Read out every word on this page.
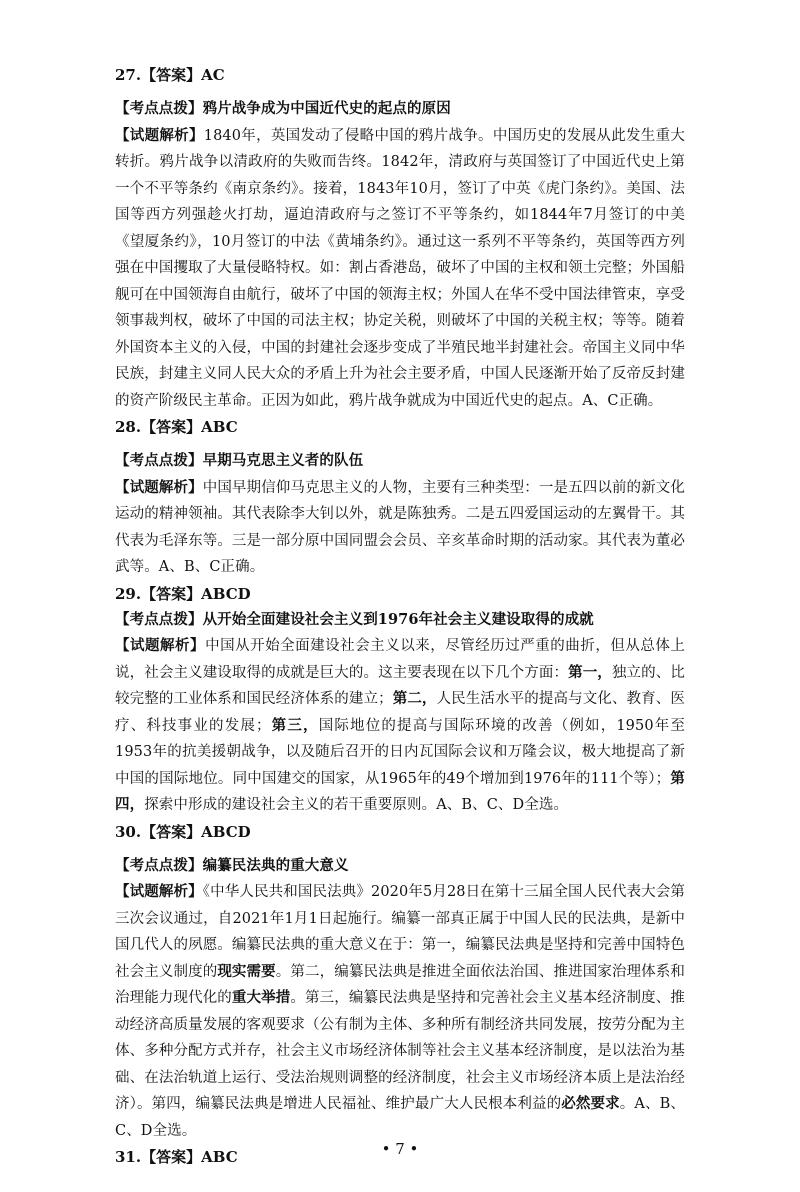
27.【答案】AC

【考点点拨】鸦片战争成为中国近代史的起点的原因

【试题解析】1840年，英国发动了侵略中国的鸦片战争。中国历史的发展从此发生重大转折。鸦片战争以清政府的失败而告终。1842年，清政府与英国签订了中国近代史上第一个不平等条约《南京条约》。接着，1843年10月，签订了中英《虎门条约》。美国、法国等西方列强趁火打劫，逼迫清政府与之签订不平等条约，如1844年7月签订的中美《望厦条约》，10月签订的中法《黄埔条约》。通过这一系列不平等条约，英国等西方列强在中国攫取了大量侵略特权。如：割占香港岛，破坏了中国的主权和领土完整；外国船舰可在中国领海自由航行，破坏了中国的领海主权；外国人在华不受中国法律管束，享受领事裁判权，破坏了中国的司法主权；协定关税，则破坏了中国的关税主权；等等。随着外国资本主义的入侵，中国的封建社会逐步变成了半殖民地半封建社会。帝国主义同中华民族，封建主义同人民大众的矛盾上升为社会主要矛盾，中国人民逐渐开始了反帝反封建的资产阶级民主革命。正因为如此，鸦片战争就成为中国近代史的起点。A、C正确。

28.【答案】ABC

【考点点拨】早期马克思主义者的队伍

【试题解析】中国早期信仰马克思主义的人物，主要有三种类型：一是五四以前的新文化运动的精神领袖。其代表除李大钊以外，就是陈独秀。二是五四爱国运动的左翼骨干。其代表为毛泽东等。三是一部分原中国同盟会会员、辛亥革命时期的活动家。其代表为董必武等。A、B、C正确。

29.【答案】ABCD

【考点点拨】从开始全面建设社会主义到1976年社会主义建设取得的成就

【试题解析】中国从开始全面建设社会主义以来，尽管经历过严重的曲折，但从总体上说，社会主义建设取得的成就是巨大的。这主要表现在以下几个方面：第一，独立的、比较完整的工业体系和国民经济体系的建立；第二，人民生活水平的提高与文化、教育、医疗、科技事业的发展；第三，国际地位的提高与国际环境的改善（例如，1950年至1953年的抗美援朝战争，以及随后召开的日内瓦国际会议和万隆会议，极大地提高了新中国的国际地位。同中国建交的国家，从1965年的49个增加到1976年的111个等）；第四，探索中形成的建设社会主义的若干重要原则。A、B、C、D全选。

30.【答案】ABCD

【考点点拨】编纂民法典的重大意义

【试题解析】《中华人民共和国民法典》2020年5月28日在第十三届全国人民代表大会第三次会议通过，自2021年1月1日起施行。编纂一部真正属于中国人民的民法典，是新中国几代人的夙愿。编纂民法典的重大意义在于：第一，编纂民法典是坚持和完善中国特色社会主义制度的现实需要。第二，编纂民法典是推进全面依法治国、推进国家治理体系和治理能力现代化的重大举措。第三，编纂民法典是坚持和完善社会主义基本经济制度、推动经济高质量发展的客观要求（公有制为主体、多种所有制经济共同发展，按劳分配为主体、多种分配方式并存，社会主义市场经济体制等社会主义基本经济制度，是以法治为基础、在法治轨道上运行、受法治规则调整的经济制度，社会主义市场经济本质上是法治经济）。第四，编纂民法典是增进人民福祉、维护最广大人民根本利益的必然要求。A、B、C、D全选。

31.【答案】ABC	• 7 •
